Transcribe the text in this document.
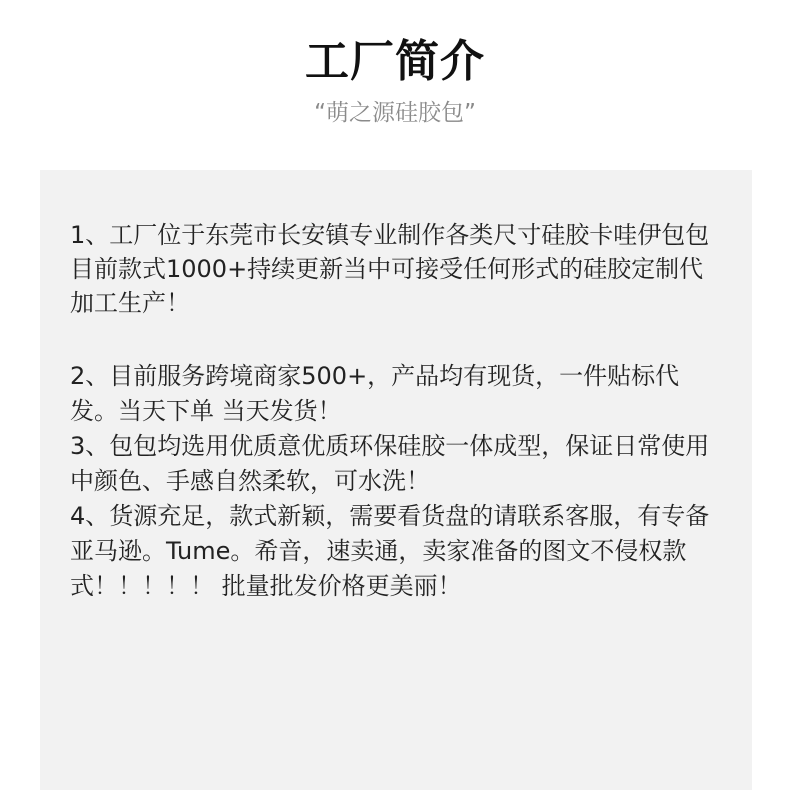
工厂简介
“萌之源硅胶包”

1、工厂位于东莞市长安镇专业制作各类尺寸硅胶卡哇伊包包
目前款式1000+持续更新当中可接受任何形式的硅胶定制代
加工生产！

2、目前服务跨境商家500+，产品均有现货，一件贴标代
发。当天下单 当天发货！

3、包包均选用优质意优质环保硅胶一体成型，保证日常使用
中颜色、手感自然柔软，可水洗！

4、货源充足，款式新颖，需要看货盘的请联系客服，有专备
亚马逊。Tume。希音，速卖通，卖家准备的图文不侵权款
式！！！！！ 批量批发价格更美丽！
